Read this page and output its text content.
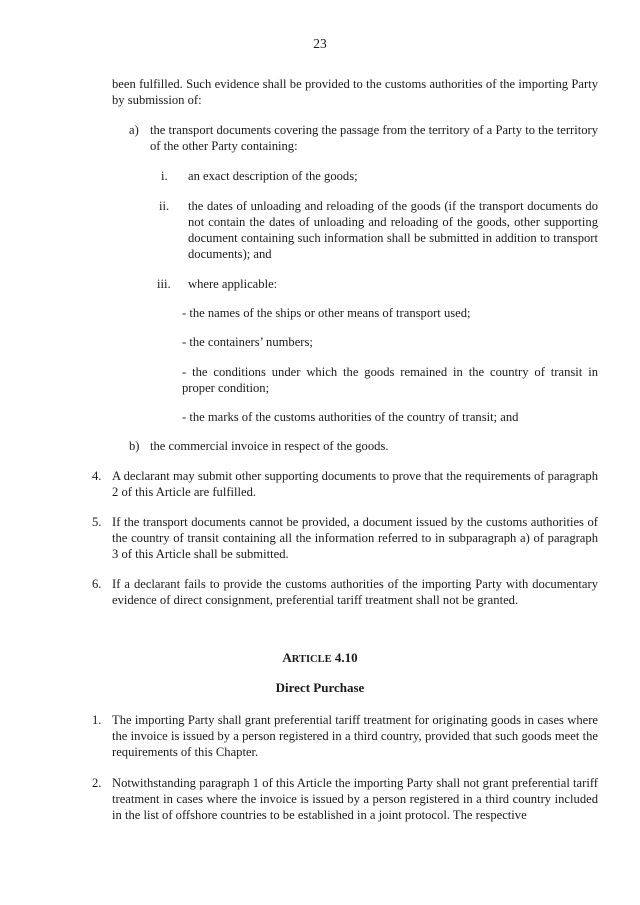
23
been fulfilled. Such evidence shall be provided to the customs authorities of the importing Party by submission of:
a) the transport documents covering the passage from the territory of a Party to the territory of the other Party containing:
i. an exact description of the goods;
ii. the dates of unloading and reloading of the goods (if the transport documents do not contain the dates of unloading and reloading of the goods, other supporting document containing such information shall be submitted in addition to transport documents); and
iii. where applicable:
- the names of the ships or other means of transport used;
- the containers’ numbers;
- the conditions under which the goods remained in the country of transit in proper condition;
- the marks of the customs authorities of the country of transit; and
b) the commercial invoice in respect of the goods.
4. A declarant may submit other supporting documents to prove that the requirements of paragraph 2 of this Article are fulfilled.
5. If the transport documents cannot be provided, a document issued by the customs authorities of the country of transit containing all the information referred to in subparagraph a) of paragraph 3 of this Article shall be submitted.
6. If a declarant fails to provide the customs authorities of the importing Party with documentary evidence of direct consignment, preferential tariff treatment shall not be granted.
ARTICLE 4.10
Direct Purchase
1. The importing Party shall grant preferential tariff treatment for originating goods in cases where the invoice is issued by a person registered in a third country, provided that such goods meet the requirements of this Chapter.
2. Notwithstanding paragraph 1 of this Article the importing Party shall not grant preferential tariff treatment in cases where the invoice is issued by a person registered in a third country included in the list of offshore countries to be established in a joint protocol. The respective
